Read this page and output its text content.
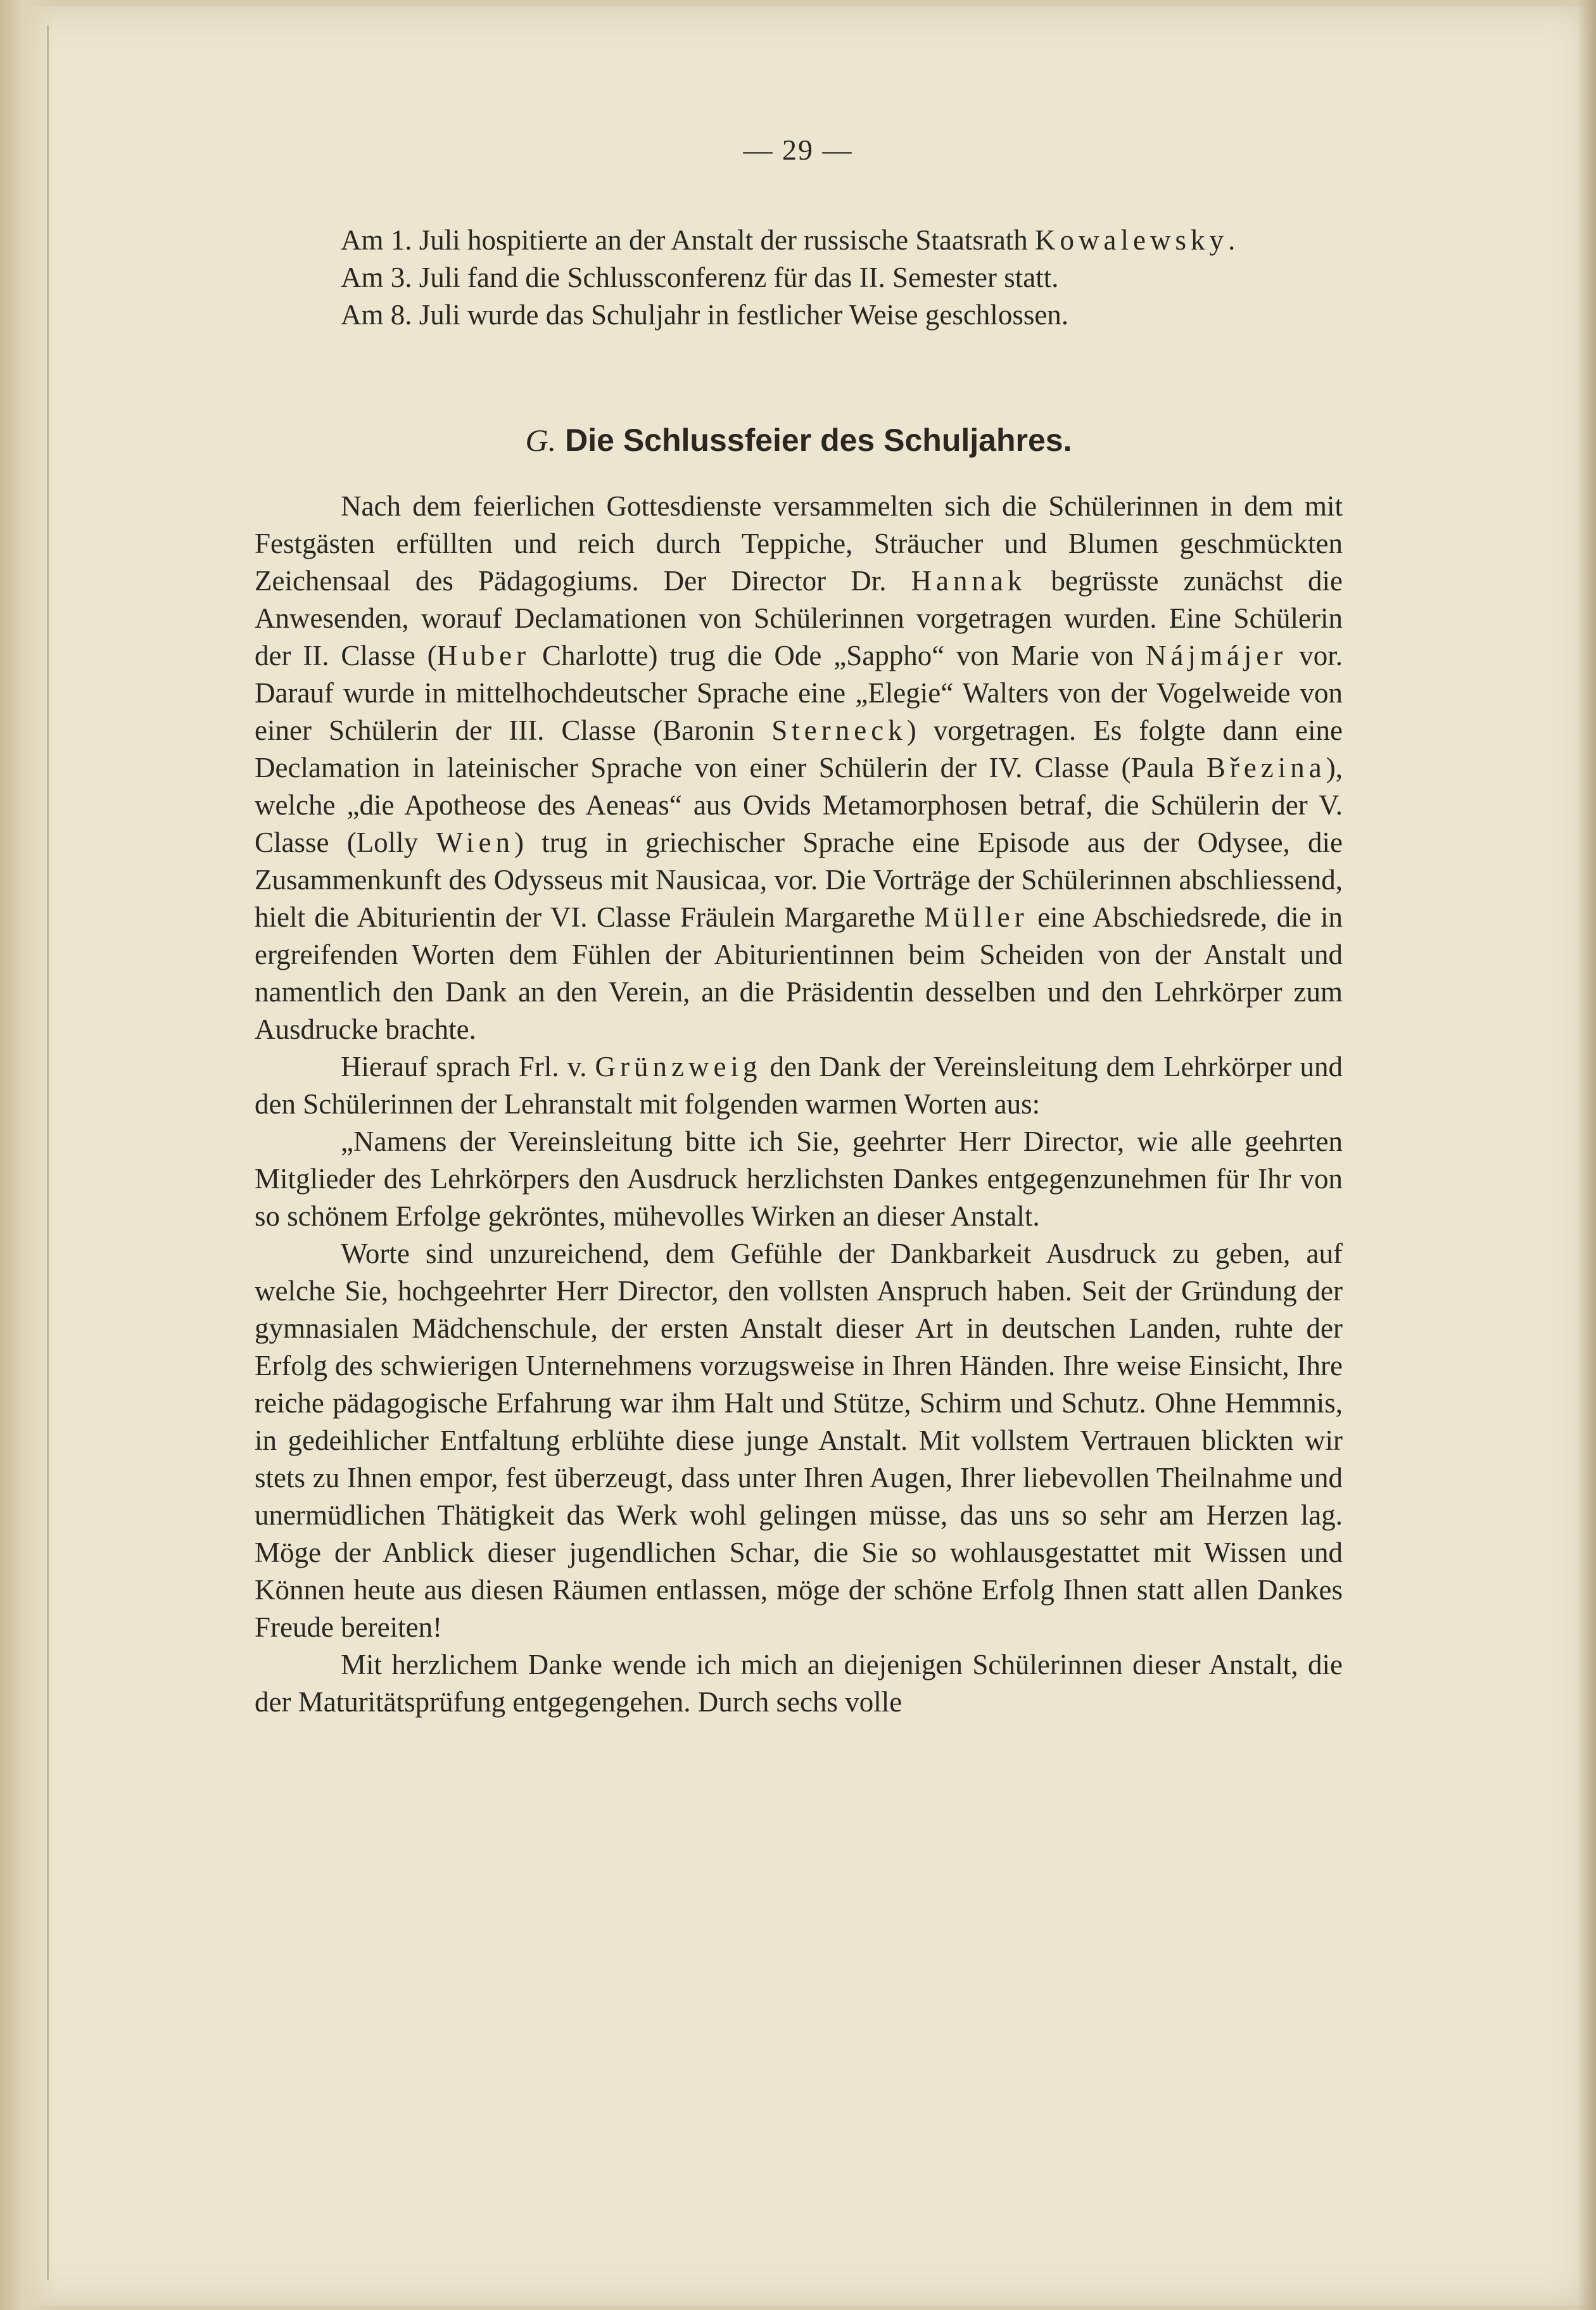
— 29 —

Am 1. Juli hospitierte an der Anstalt der russische Staatsrath Kowalewsky.

Am 3. Juli fand die Schlussconferenz für das II. Semester statt.

Am 8. Juli wurde das Schuljahr in festlicher Weise geschlossen.

G. Die Schlussfeier des Schuljahres.

Nach dem feierlichen Gottesdienste versammelten sich die Schülerinnen in dem mit Festgästen erfüllten und reich durch Teppiche, Sträucher und Blumen geschmückten Zeichensaal des Pädagogiums. Der Director Dr. Hannak begrüsste zunächst die Anwesenden, worauf Declamationen von Schülerinnen vorgetragen wurden. Eine Schülerin der II. Classe (Huber Charlotte) trug die Ode „Sappho“ von Marie von Nájmájer vor. Darauf wurde in mittelhochdeutscher Sprache eine „Elegie“ Walters von der Vogelweide von einer Schülerin der III. Classe (Baronin Sterneck) vorgetragen. Es folgte dann eine Declamation in lateinischer Sprache von einer Schülerin der IV. Classe (Paula Březina), welche „die Apotheose des Aeneas“ aus Ovids Metamorphosen betraf, die Schülerin der V. Classe (Lolly Wien) trug in griechischer Sprache eine Episode aus der Odysee, die Zusammenkunft des Odysseus mit Nausicaa, vor. Die Vorträge der Schülerinnen abschliessend, hielt die Abiturientin der VI. Classe Fräulein Margarethe Müller eine Abschiedsrede, die in ergreifenden Worten dem Fühlen der Abiturientinnen beim Scheiden von der Anstalt und namentlich den Dank an den Verein, an die Präsidentin desselben und den Lehrkörper zum Ausdrucke brachte.

Hierauf sprach Frl. v. Grünzweig den Dank der Vereinsleitung dem Lehrkörper und den Schülerinnen der Lehranstalt mit folgenden warmen Worten aus:

„Namens der Vereinsleitung bitte ich Sie, geehrter Herr Director, wie alle geehrten Mitglieder des Lehrkörpers den Ausdruck herzlichsten Dankes entgegenzunehmen für Ihr von so schönem Erfolge gekröntes, mühevolles Wirken an dieser Anstalt.

Worte sind unzureichend, dem Gefühle der Dankbarkeit Ausdruck zu geben, auf welche Sie, hochgeehrter Herr Director, den vollsten Anspruch haben. Seit der Gründung der gymnasialen Mädchenschule, der ersten Anstalt dieser Art in deutschen Landen, ruhte der Erfolg des schwierigen Unternehmens vorzugsweise in Ihren Händen. Ihre weise Einsicht, Ihre reiche pädagogische Erfahrung war ihm Halt und Stütze, Schirm und Schutz. Ohne Hemmnis, in gedeihlicher Entfaltung erblühte diese junge Anstalt. Mit vollstem Vertrauen blickten wir stets zu Ihnen empor, fest überzeugt, dass unter Ihren Augen, Ihrer liebevollen Theilnahme und unermüdlichen Thätigkeit das Werk wohl gelingen müsse, das uns so sehr am Herzen lag. Möge der Anblick dieser jugendlichen Schar, die Sie so wohlausgestattet mit Wissen und Können heute aus diesen Räumen entlassen, möge der schöne Erfolg Ihnen statt allen Dankes Freude bereiten!

Mit herzlichem Danke wende ich mich an diejenigen Schülerinnen dieser Anstalt, die der Maturitätsprüfung entgegengehen. Durch sechs volle
